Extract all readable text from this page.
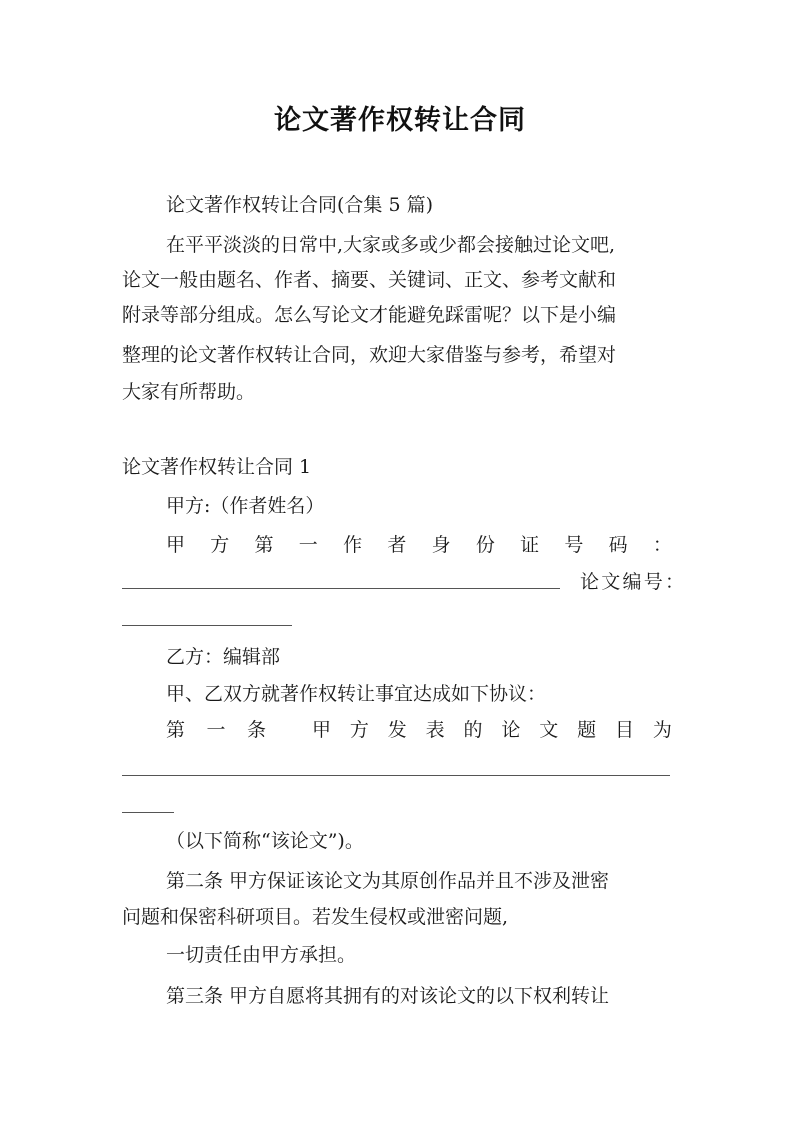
论文著作权转让合同
论文著作权转让合同(合集 5 篇)
在平平淡淡的日常中,大家或多或少都会接触过论文吧,
论文一般由题名、作者、摘要、关键词、正文、参考文献和
附录等部分组成。怎么写论文才能避免踩雷呢？以下是小编
整理的论文著作权转让合同，欢迎大家借鉴与参考，希望对
大家有所帮助。
论文著作权转让合同 1
甲方:（作者姓名）
甲 方 第 一 作 者 身 份 证 号 码 ：
论 文 编 号 ：
乙方：编辑部
甲、乙双方就著作权转让事宜达成如下协议：
第 一 条 甲 方 发 表 的 论 文 题 目 为
（以下简称“该论文”)。
第二条 甲方保证该论文为其原创作品并且不涉及泄密
问题和保密科研项目。若发生侵权或泄密问题,
一切责任由甲方承担。
第三条 甲方自愿将其拥有的对该论文的以下权利转让
